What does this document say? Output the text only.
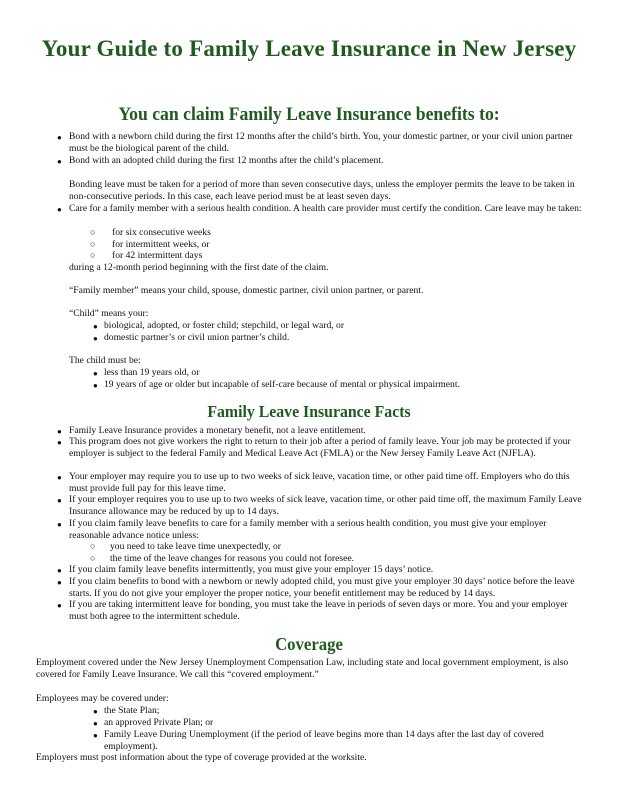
Your Guide to Family Leave Insurance in New Jersey
You can claim Family Leave Insurance benefits to:
● Bond with a newborn child during the first 12 months after the child’s birth. You, your domestic partner, or your civil union partner must be the biological parent of the child.
● Bond with an adopted child during the first 12 months after the child’s placement.
Bonding leave must be taken for a period of more than seven consecutive days, unless the employer permits the leave to be taken in non-consecutive periods. In this case, each leave period must be at least seven days.
● Care for a family member with a serious health condition. A health care provider must certify the condition. Care leave may be taken:
○ for six consecutive weeks
○ for intermittent weeks, or
○ for 42 intermittent days
during a 12-month period beginning with the first date of the claim.
“Family member” means your child, spouse, domestic partner, civil union partner, or parent.
“Child” means your:
● biological, adopted, or foster child; stepchild, or legal ward, or
● domestic partner’s or civil union partner’s child.
The child must be:
● less than 19 years old, or
● 19 years of age or older but incapable of self-care because of mental or physical impairment.
Family Leave Insurance Facts
● Family Leave Insurance provides a monetary benefit, not a leave entitlement.
● This program does not give workers the right to return to their job after a period of family leave. Your job may be protected if your employer is subject to the federal Family and Medical Leave Act (FMLA) or the New Jersey Family Leave Act (NJFLA).
● Your employer may require you to use up to two weeks of sick leave, vacation time, or other paid time off. Employers who do this must provide full pay for this leave time.
● If your employer requires you to use up to two weeks of sick leave, vacation time, or other paid time off, the maximum Family Leave Insurance allowance may be reduced by up to 14 days.
● If you claim family leave benefits to care for a family member with a serious health condition, you must give your employer reasonable advance notice unless:
○ you need to take leave time unexpectedly, or
○ the time of the leave changes for reasons you could not foresee.
● If you claim family leave benefits intermittently, you must give your employer 15 days’ notice.
● If you claim benefits to bond with a newborn or newly adopted child, you must give your employer 30 days’ notice before the leave starts. If you do not give your employer the proper notice, your benefit entitlement may be reduced by 14 days.
● If you are taking intermittent leave for bonding, you must take the leave in periods of seven days or more. You and your employer must both agree to the intermittent schedule.
Coverage
Employment covered under the New Jersey Unemployment Compensation Law, including state and local government employment, is also covered for Family Leave Insurance. We call this “covered employment.”
Employees may be covered under:
● the State Plan;
● an approved Private Plan; or
● Family Leave During Unemployment (if the period of leave begins more than 14 days after the last day of covered employment).
Employers must post information about the type of coverage provided at the worksite.
